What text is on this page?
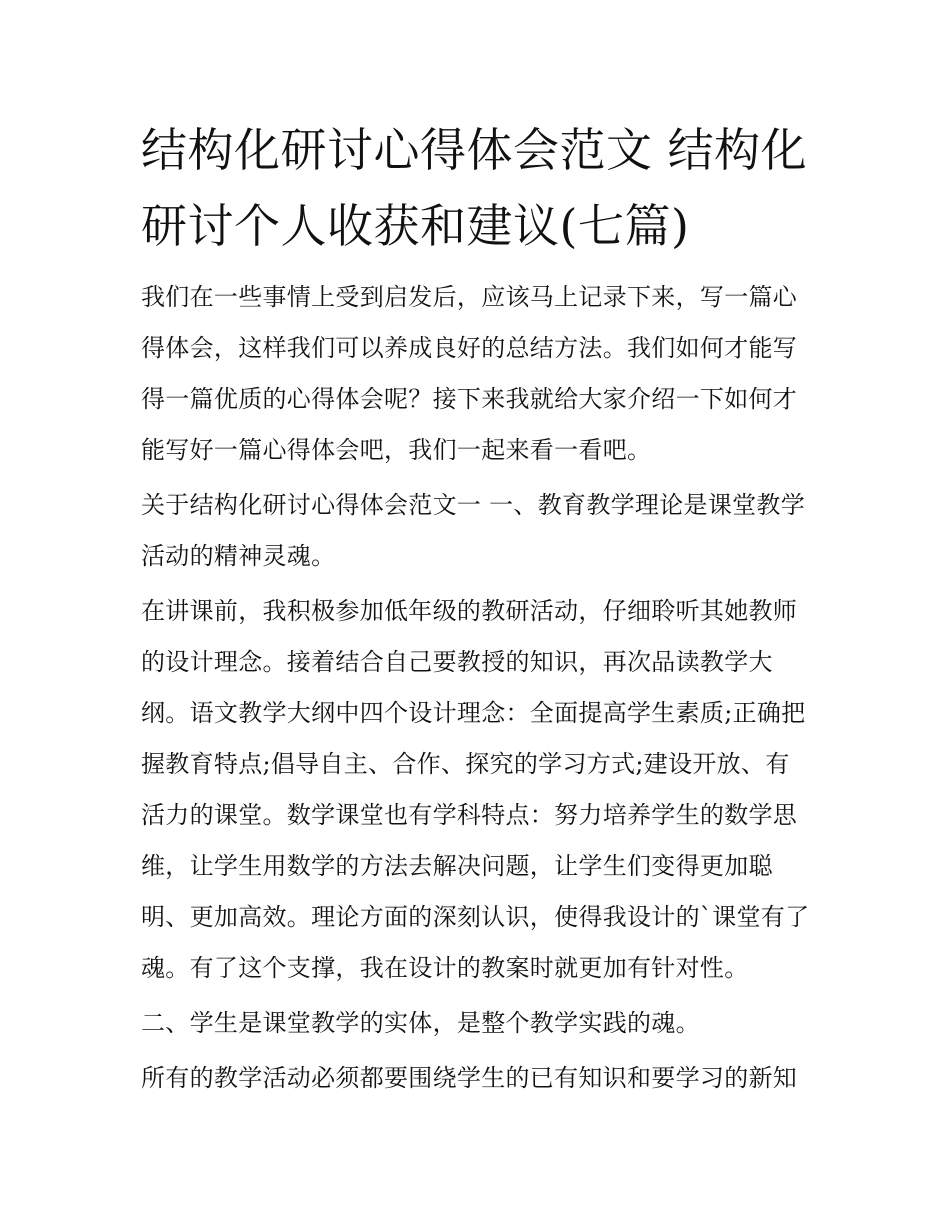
结构化研讨心得体会范文 结构化研讨个人收获和建议(七篇)

我们在一些事情上受到启发后，应该马上记录下来，写一篇心得体会，这样我们可以养成良好的总结方法。我们如何才能写得一篇优质的心得体会呢？接下来我就给大家介绍一下如何才能写好一篇心得体会吧，我们一起来看一看吧。

关于结构化研讨心得体会范文一 一、教育教学理论是课堂教学活动的精神灵魂。

在讲课前，我积极参加低年级的教研活动，仔细聆听其她教师的设计理念。接着结合自己要教授的知识，再次品读教学大纲。语文教学大纲中四个设计理念：全面提高学生素质;正确把握教育特点;倡导自主、合作、探究的学习方式;建设开放、有活力的课堂。数学课堂也有学科特点：努力培养学生的数学思维，让学生用数学的方法去解决问题，让学生们变得更加聪明、更加高效。理论方面的深刻认识，使得我设计的`课堂有了魂。有了这个支撑，我在设计的教案时就更加有针对性。

二、学生是课堂教学的实体，是整个教学实践的魂。

所有的教学活动必须都要围绕学生的已有知识和要学习的新知
